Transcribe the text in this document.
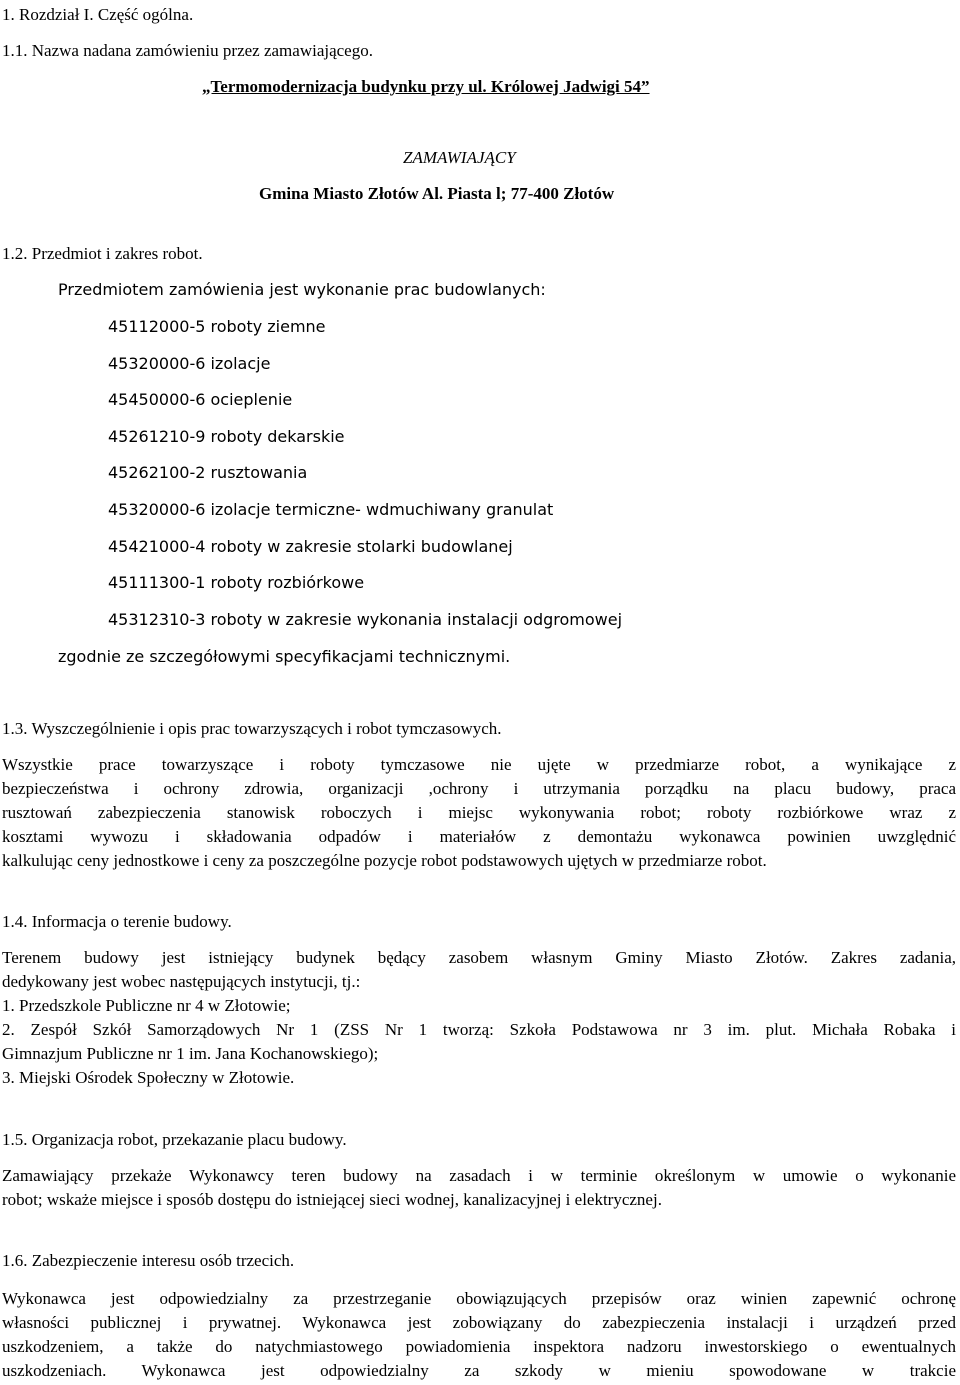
1. Rozdział I. Część ogólna.
1.1. Nazwa nadana zamówieniu przez zamawiającego.
„Termomodernizacja budynku przy ul. Królowej Jadwigi 54”
ZAMAWIAJĄCY
Gmina Miasto Złotów Al. Piasta l; 77-400 Złotów
1.2. Przedmiot i zakres robot.
Przedmiotem zamówienia jest wykonanie prac budowlanych:
45112000-5 roboty ziemne
45320000-6 izolacje
45450000-6 ocieplenie
45261210-9 roboty dekarskie
45262100-2 rusztowania
45320000-6 izolacje termiczne- wdmuchiwany granulat
45421000-4 roboty w zakresie stolarki budowlanej
45111300-1 roboty rozbiórkowe
45312310-3 roboty w zakresie wykonania instalacji odgromowej
zgodnie ze szczegółowymi specyfikacjami technicznymi.
1.3. Wyszczególnienie i opis prac towarzyszących i robot tymczasowych.
Wszystkie prace towarzyszące i roboty tymczasowe nie ujęte w przedmiarze robot, a wynikające z
bezpieczeństwa i ochrony zdrowia, organizacji ,ochrony i utrzymania porządku na placu budowy, praca
rusztowań zabezpieczenia stanowisk roboczych i miejsc wykonywania robot; roboty rozbiórkowe wraz z
kosztami wywozu i składowania odpadów i materiałów z demontażu wykonawca powinien uwzględnić
kalkulując ceny jednostkowe i ceny za poszczególne pozycje robot podstawowych ujętych w przedmiarze robot.
1.4. Informacja o terenie budowy.
Terenem budowy jest istniejący budynek będący zasobem własnym Gminy Miasto Złotów. Zakres zadania,
dedykowany jest wobec następujących instytucji, tj.:
1. Przedszkole Publiczne nr 4 w Złotowie;
2. Zespół Szkół Samorządowych Nr 1 (ZSS Nr 1 tworzą: Szkoła Podstawowa nr 3 im. plut. Michała Robaka i
Gimnazjum Publiczne nr 1 im. Jana Kochanowskiego);
3. Miejski Ośrodek Społeczny w Złotowie.
1.5. Organizacja robot, przekazanie placu budowy.
Zamawiający przekaże Wykonawcy teren budowy na zasadach i w terminie określonym w umowie o wykonanie
robot; wskaże miejsce i sposób dostępu do istniejącej sieci wodnej, kanalizacyjnej i elektrycznej.
1.6. Zabezpieczenie interesu osób trzecich.
Wykonawca jest odpowiedzialny za przestrzeganie obowiązujących przepisów oraz winien zapewnić ochronę
własności publicznej i prywatnej. Wykonawca jest zobowiązany do zabezpieczenia instalacji i urządzeń przed
uszkodzeniem, a także do natychmiastowego powiadomienia inspektora nadzoru inwestorskiego o ewentualnych
uszkodzeniach. Wykonawca jest odpowiedzialny za szkody w mieniu spowodowane w trakcie
